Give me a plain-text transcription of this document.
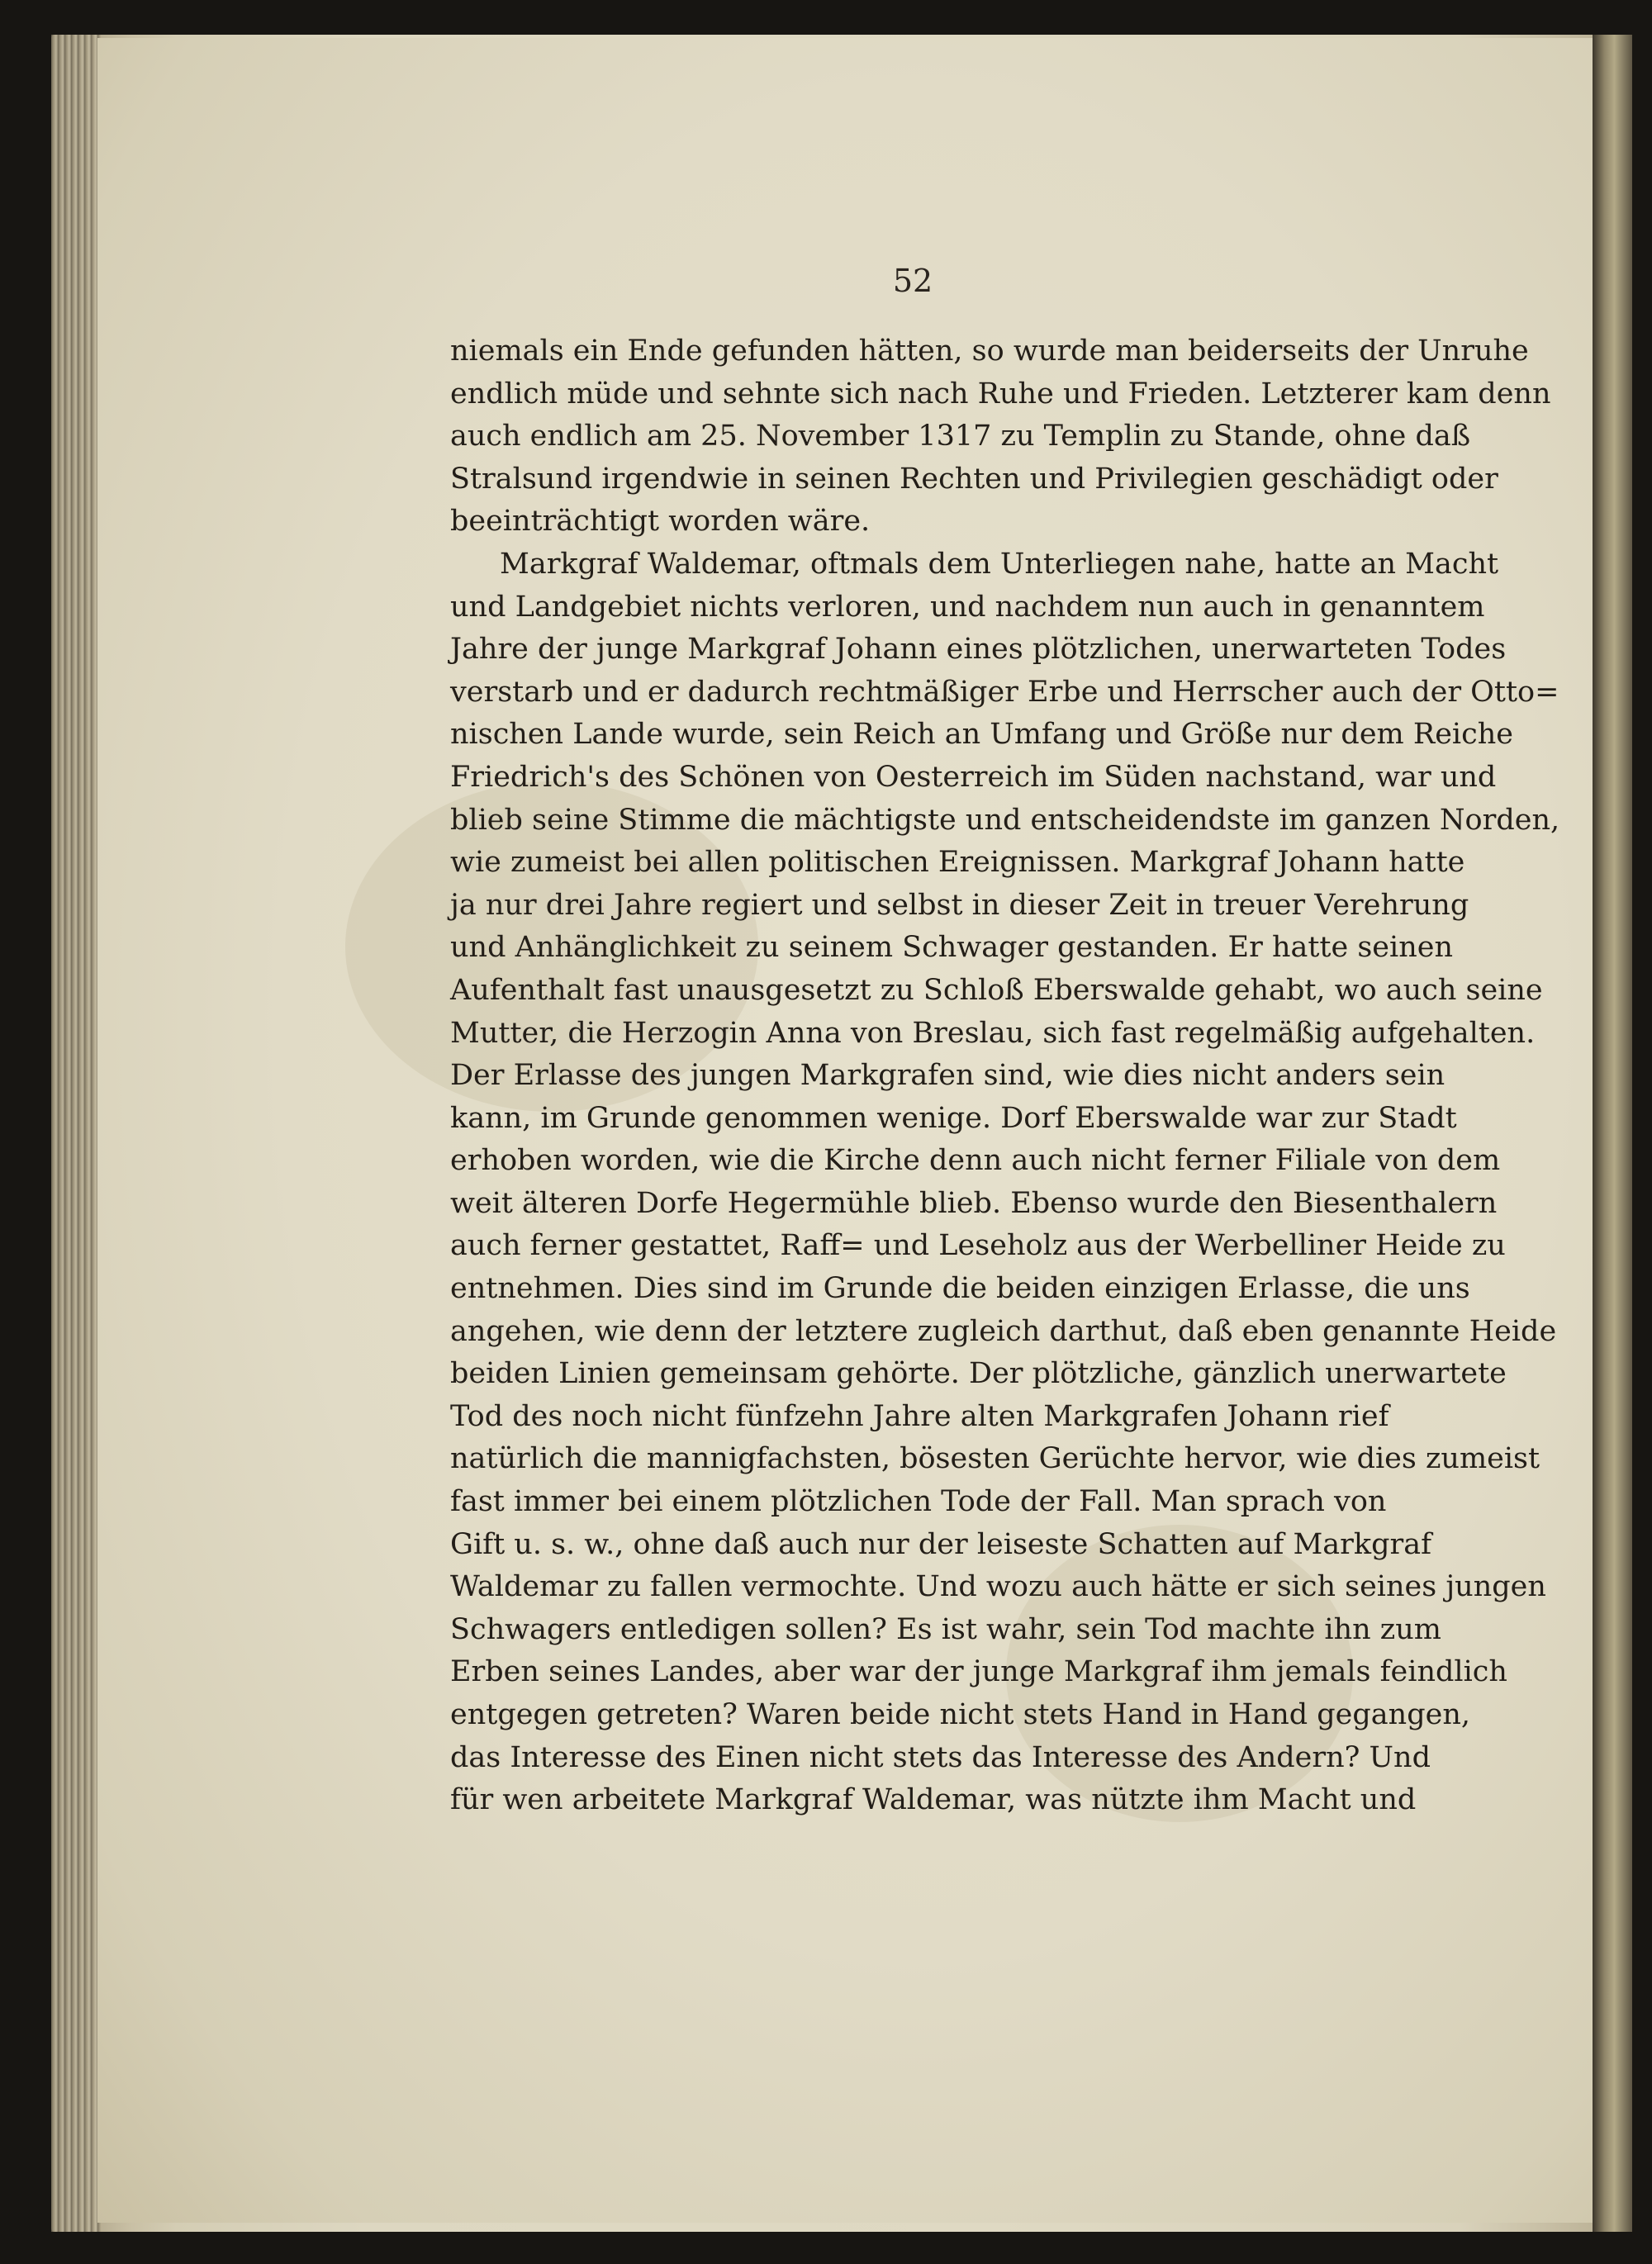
52
niemals ein Ende gefunden hätten, so wurde man beiderseits der Unruhe
endlich müde und sehnte sich nach Ruhe und Frieden. Letzterer kam denn
auch endlich am 25. November 1317 zu Templin zu Stande, ohne daß
Stralsund irgendwie in seinen Rechten und Privilegien geschädigt oder
beeinträchtigt worden wäre.
Markgraf Waldemar, oftmals dem Unterliegen nahe, hatte an Macht
und Landgebiet nichts verloren, und nachdem nun auch in genanntem
Jahre der junge Markgraf Johann eines plötzlichen, unerwarteten Todes
verstarb und er dadurch rechtmäßiger Erbe und Herrscher auch der Otto=
nischen Lande wurde, sein Reich an Umfang und Größe nur dem Reiche
Friedrich's des Schönen von Oesterreich im Süden nachstand, war und
blieb seine Stimme die mächtigste und entscheidendste im ganzen Norden,
wie zumeist bei allen politischen Ereignissen. Markgraf Johann hatte
ja nur drei Jahre regiert und selbst in dieser Zeit in treuer Verehrung
und Anhänglichkeit zu seinem Schwager gestanden. Er hatte seinen
Aufenthalt fast unausgesetzt zu Schloß Eberswalde gehabt, wo auch seine
Mutter, die Herzogin Anna von Breslau, sich fast regelmäßig aufgehalten.
Der Erlasse des jungen Markgrafen sind, wie dies nicht anders sein
kann, im Grunde genommen wenige. Dorf Eberswalde war zur Stadt
erhoben worden, wie die Kirche denn auch nicht ferner Filiale von dem
weit älteren Dorfe Hegermühle blieb. Ebenso wurde den Biesenthalern
auch ferner gestattet, Raff= und Leseholz aus der Werbelliner Heide zu
entnehmen. Dies sind im Grunde die beiden einzigen Erlasse, die uns
angehen, wie denn der letztere zugleich darthut, daß eben genannte Heide
beiden Linien gemeinsam gehörte. Der plötzliche, gänzlich unerwartete
Tod des noch nicht fünfzehn Jahre alten Markgrafen Johann rief
natürlich die mannigfachsten, bösesten Gerüchte hervor, wie dies zumeist
fast immer bei einem plötzlichen Tode der Fall. Man sprach von
Gift u. s. w., ohne daß auch nur der leiseste Schatten auf Markgraf
Waldemar zu fallen vermochte. Und wozu auch hätte er sich seines jungen
Schwagers entledigen sollen? Es ist wahr, sein Tod machte ihn zum
Erben seines Landes, aber war der junge Markgraf ihm jemals feindlich
entgegen getreten? Waren beide nicht stets Hand in Hand gegangen,
das Interesse des Einen nicht stets das Interesse des Andern? Und
für wen arbeitete Markgraf Waldemar, was nützte ihm Macht und
